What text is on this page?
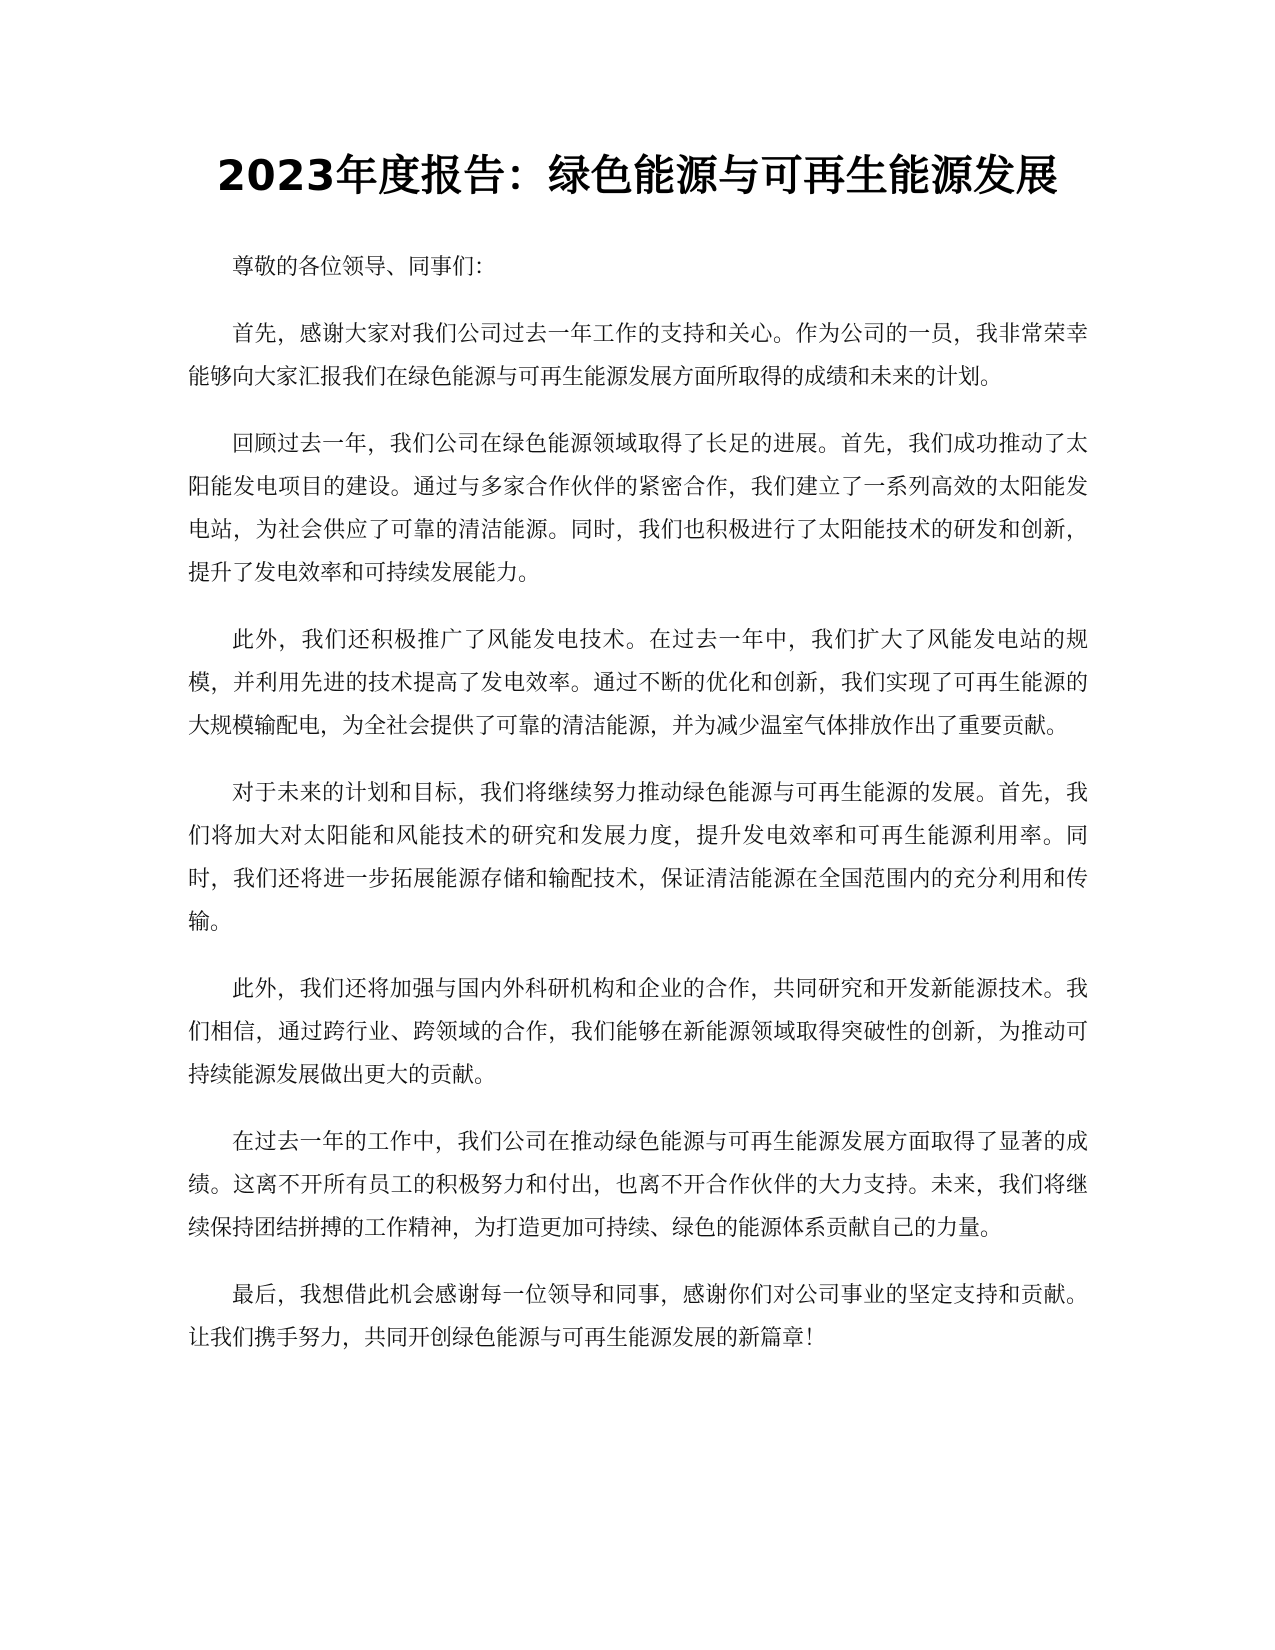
2023年度报告：绿色能源与可再生能源发展

尊敬的各位领导、同事们：

首先，感谢大家对我们公司过去一年工作的支持和关心。作为公司的一员，我非常荣幸能够向大家汇报我们在绿色能源与可再生能源发展方面所取得的成绩和未来的计划。

回顾过去一年，我们公司在绿色能源领域取得了长足的进展。首先，我们成功推动了太阳能发电项目的建设。通过与多家合作伙伴的紧密合作，我们建立了一系列高效的太阳能发电站，为社会供应了可靠的清洁能源。同时，我们也积极进行了太阳能技术的研发和创新，提升了发电效率和可持续发展能力。

此外，我们还积极推广了风能发电技术。在过去一年中，我们扩大了风能发电站的规模，并利用先进的技术提高了发电效率。通过不断的优化和创新，我们实现了可再生能源的大规模输配电，为全社会提供了可靠的清洁能源，并为减少温室气体排放作出了重要贡献。

对于未来的计划和目标，我们将继续努力推动绿色能源与可再生能源的发展。首先，我们将加大对太阳能和风能技术的研究和发展力度，提升发电效率和可再生能源利用率。同时，我们还将进一步拓展能源存储和输配技术，保证清洁能源在全国范围内的充分利用和传输。

此外，我们还将加强与国内外科研机构和企业的合作，共同研究和开发新能源技术。我们相信，通过跨行业、跨领域的合作，我们能够在新能源领域取得突破性的创新，为推动可持续能源发展做出更大的贡献。

在过去一年的工作中，我们公司在推动绿色能源与可再生能源发展方面取得了显著的成绩。这离不开所有员工的积极努力和付出，也离不开合作伙伴的大力支持。未来，我们将继续保持团结拼搏的工作精神，为打造更加可持续、绿色的能源体系贡献自己的力量。

最后，我想借此机会感谢每一位领导和同事，感谢你们对公司事业的坚定支持和贡献。让我们携手努力，共同开创绿色能源与可再生能源发展的新篇章！
